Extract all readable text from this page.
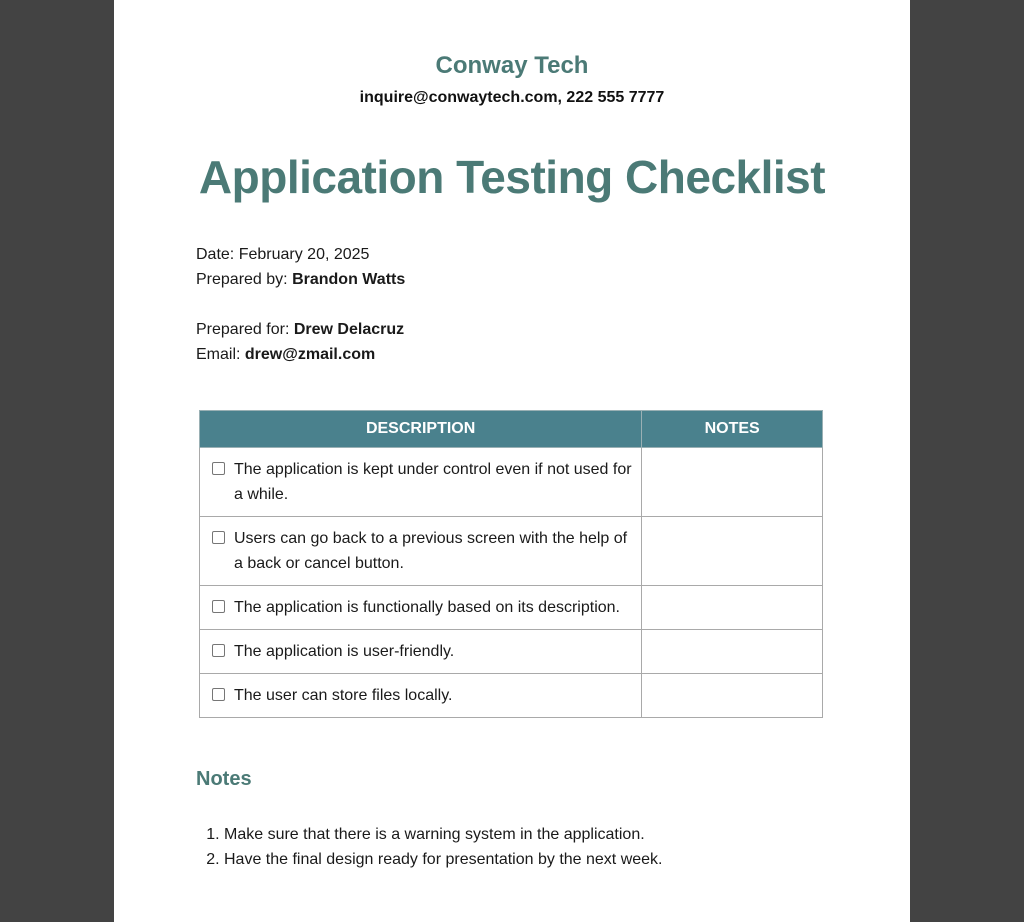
Conway Tech
inquire@conwaytech.com, 222 555 7777
Application Testing Checklist
Date: February 20, 2025
Prepared by: Brandon Watts
Prepared for: Drew Delacruz
Email: drew@zmail.com
DESCRIPTION	NOTES

The application is kept under control even if not used for a while.	

Users can go back to a previous screen with the help of a back or cancel button.	

The application is functionally based on its description.	

The application is user-friendly.	

The user can store files locally.	

Notes
1. Make sure that there is a warning system in the application.
2. Have the final design ready for presentation by the next week.
